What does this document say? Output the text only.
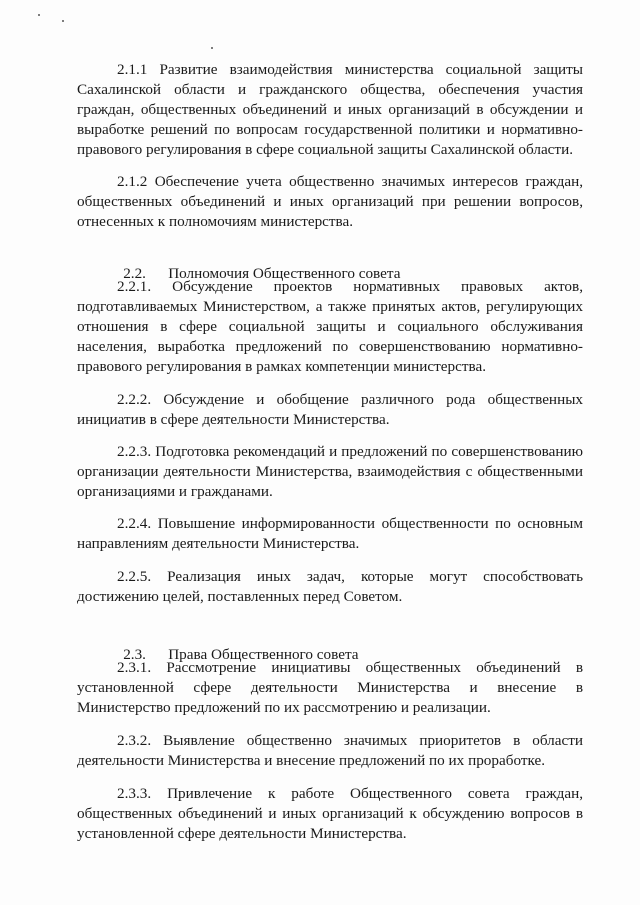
2.1.1 Развитие взаимодействия министерства социальной защиты Сахалинской области и гражданского общества, обеспечения участия граждан, общественных объединений и иных организаций в обсуждении и выработке решений по вопросам государственной политики и нормативно-правового регулирования в сфере социальной защиты Сахалинской области.

2.1.2 Обеспечение учета общественно значимых интересов граждан, общественных объединений и иных организаций при решении вопросов, отнесенных к полномочиям министерства.

2.2. Полномочия Общественного совета

2.2.1. Обсуждение проектов нормативных правовых актов, подготавливаемых Министерством, а также принятых актов, регулирующих отношения в сфере социальной защиты и социального обслуживания населения, выработка предложений по совершенствованию нормативно-правового регулирования в рамках компетенции министерства.

2.2.2. Обсуждение и обобщение различного рода общественных инициатив в сфере деятельности Министерства.

2.2.3. Подготовка рекомендаций и предложений по совершенствованию организации деятельности Министерства, взаимодействия с общественными организациями и гражданами.

2.2.4. Повышение информированности общественности по основным направлениям деятельности Министерства.

2.2.5. Реализация иных задач, которые могут способствовать достижению целей, поставленных перед Советом.

2.3. Права Общественного совета

2.3.1. Рассмотрение инициативы общественных объединений в установленной сфере деятельности Министерства и внесение в Министерство предложений по их рассмотрению и реализации.

2.3.2. Выявление общественно значимых приоритетов в области деятельности Министерства и внесение предложений по их проработке.

2.3.3. Привлечение к работе Общественного совета граждан, общественных объединений и иных организаций к обсуждению вопросов в установленной сфере деятельности Министерства.
